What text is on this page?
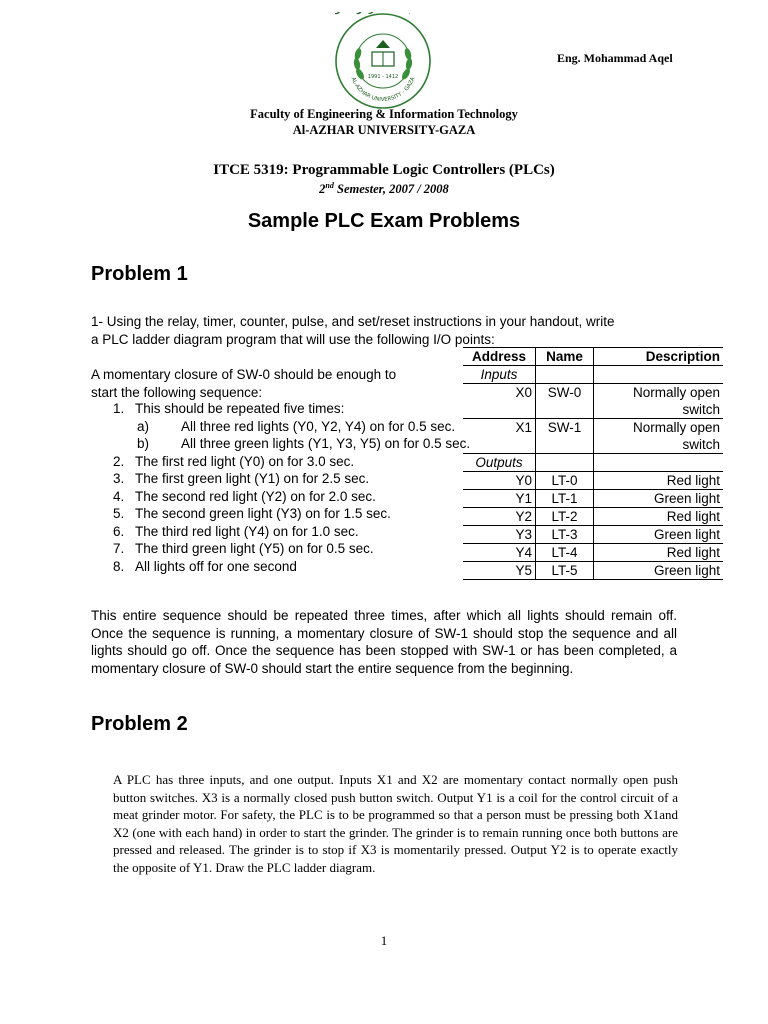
AL-AZHAR UNIVERSITY - GAZA
1991 - 1412
Eng. Mohammad Aqel
Faculty of Engineering & Information Technology
Al-AZHAR UNIVERSITY-GAZA
ITCE 5319: Programmable Logic Controllers (PLCs)
2nd Semester, 2007 / 2008
Sample PLC Exam Problems
Problem 1
1- Using the relay, timer, counter, pulse, and set/reset instructions in your handout, write
a PLC ladder diagram program that will use the following I/O points:
A momentary closure of SW-0 should be enough to
start the following sequence:
1. This should be repeated five times:
a)	All three red lights (Y0, Y2, Y4) on for 0.5 sec.
b)	All three green lights (Y1, Y3, Y5) on for 0.5 sec.
2. The first red light (Y0) on for 3.0 sec.
3. The first green light (Y1) on for 2.5 sec.
4. The second red light (Y2) on for 2.0 sec.
5. The second green light (Y3) on for 1.5 sec.
6. The third red light (Y4) on for 1.0 sec.
7. The third green light (Y5) on for 0.5 sec.
8. All lights off for one second
Address	Name	Description
Inputs		
X0	SW-0	Normally open
		switch
X1	SW-1	Normally open
		switch
Outputs		
Y0	LT-0	Red light
Y1	LT-1	Green light
Y2	LT-2	Red light
Y3	LT-3	Green light
Y4	LT-4	Red light
Y5	LT-5	Green light
This entire sequence should be repeated three times, after which all lights should remain off. Once the sequence is running, a momentary closure of SW-1 should stop the sequence and all lights should go off. Once the sequence has been stopped with SW-1 or has been completed, a momentary closure of SW-0 should start the entire sequence from the beginning.
Problem 2
A PLC has three inputs, and one output. Inputs X1 and X2 are momentary contact normally open push button switches. X3 is a normally closed push button switch. Output Y1 is a coil for the control circuit of a meat grinder motor. For safety, the PLC is to be programmed so that a person must be pressing both X1and X2 (one with each hand) in order to start the grinder. The grinder is to remain running once both buttons are pressed and released. The grinder is to stop if X3 is momentarily pressed. Output Y2 is to operate exactly the opposite of Y1. Draw the PLC ladder diagram.
1
